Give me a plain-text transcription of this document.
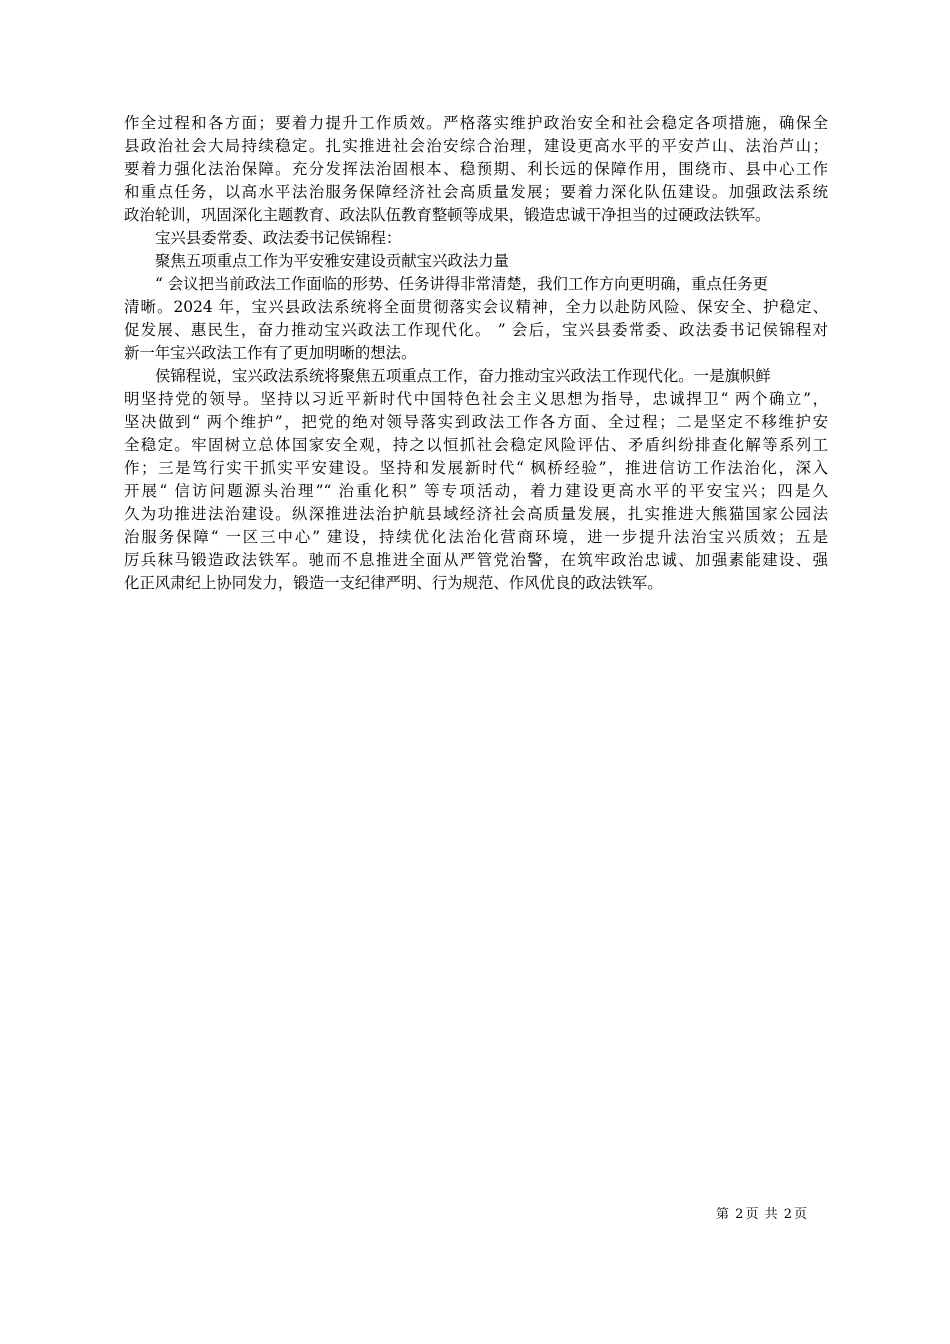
作全过程和各方面；要着力提升工作质效。严格落实维护政治安全和社会稳定各项措施，确保全
县政治社会大局持续稳定。扎实推进社会治安综合治理，建设更高水平的平安芦山、法治芦山；
要着力强化法治保障。充分发挥法治固根本、稳预期、利长远的保障作用，围绕市、县中心工作
和重点任务，以高水平法治服务保障经济社会高质量发展；要着力深化队伍建设。加强政法系统
政治轮训，巩固深化主题教育、政法队伍教育整顿等成果，锻造忠诚干净担当的过硬政法铁军。
宝兴县委常委、政法委书记侯锦程：
聚焦五项重点工作为平安雅安建设贡献宝兴政法力量
“ 会议把当前政法工作面临的形势、任务讲得非常清楚，我们工作方向更明确，重点任务更
清晰。2024 年，宝兴县政法系统将全面贯彻落实会议精神，全力以赴防风险、保安全、护稳定、
促发展、惠民生，奋力推动宝兴政法工作现代化。 ” 会后，宝兴县委常委、政法委书记侯锦程对
新一年宝兴政法工作有了更加明晰的想法。
侯锦程说，宝兴政法系统将聚焦五项重点工作，奋力推动宝兴政法工作现代化。一是旗帜鲜
明坚持党的领导。坚持以习近平新时代中国特色社会主义思想为指导，忠诚捍卫“ 两个确立”，
坚决做到“ 两个维护”，把党的绝对领导落实到政法工作各方面、全过程；二是坚定不移维护安
全稳定。牢固树立总体国家安全观，持之以恒抓社会稳定风险评估、矛盾纠纷排查化解等系列工
作；三是笃行实干抓实平安建设。坚持和发展新时代“ 枫桥经验”，推进信访工作法治化，深入
开展“ 信访问题源头治理”“ 治重化积” 等专项活动，着力建设更高水平的平安宝兴；四是久
久为功推进法治建设。纵深推进法治护航县域经济社会高质量发展，扎实推进大熊猫国家公园法
治服务保障“ 一区三中心” 建设，持续优化法治化营商环境，进一步提升法治宝兴质效；五是
厉兵秣马锻造政法铁军。驰而不息推进全面从严管党治警，在筑牢政治忠诚、加强素能建设、强
化正风肃纪上协同发力，锻造一支纪律严明、行为规范、作风优良的政法铁军。
第 2 页 共 2 页
